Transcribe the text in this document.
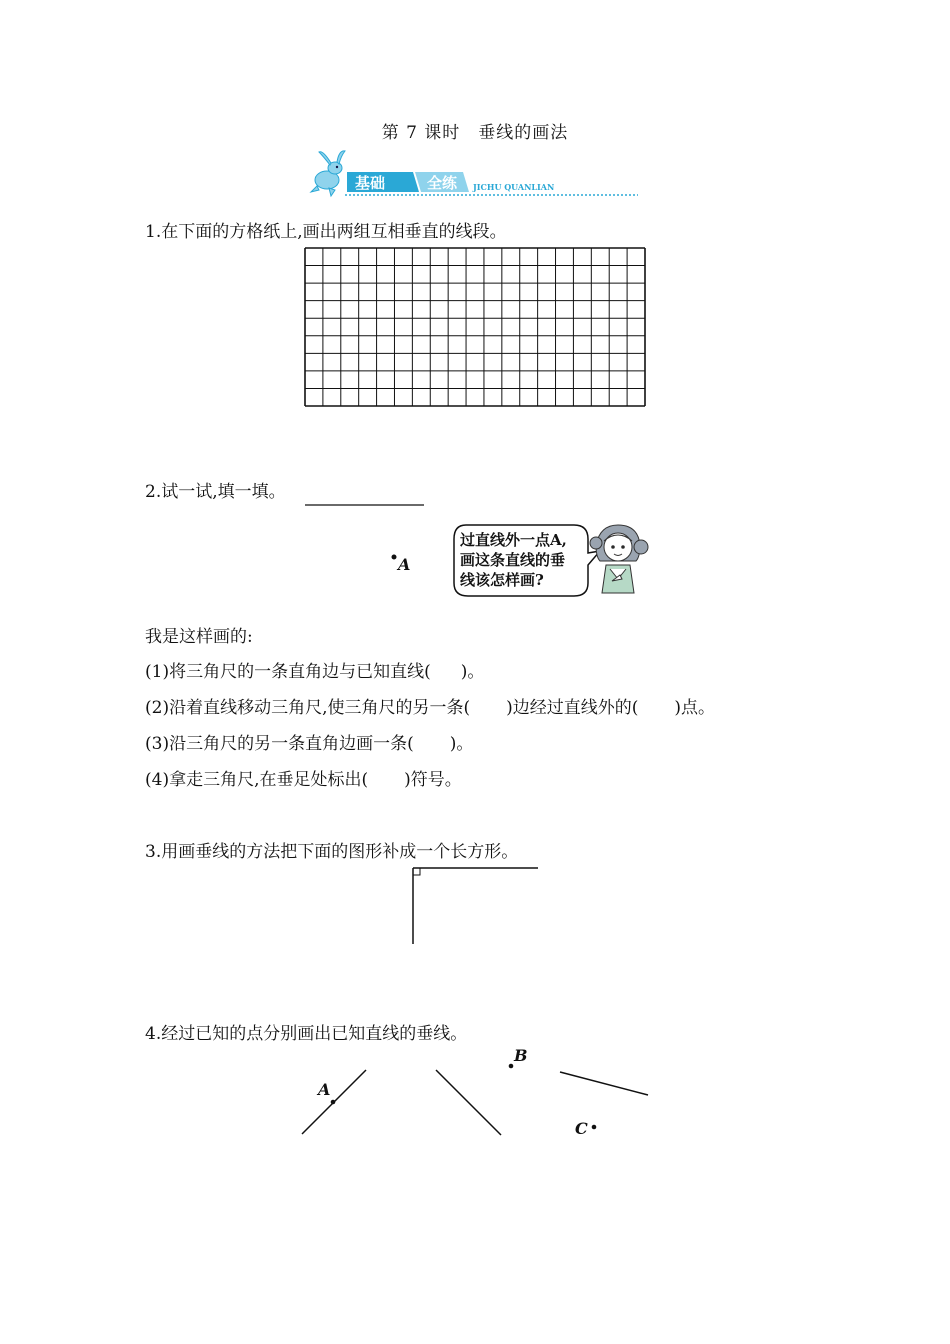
第 7 课时　垂线的画法
基础	全练 JICHU QUANLIAN
1.在下面的方格纸上,画出两组互相垂直的线段。
2.试一试,填一填。
A
过直线外一点A,
画这条直线的垂
线该怎样画?
我是这样画的:
(1)将三角尺的一条直角边与已知直线( )。
(2)沿着直线移动三角尺,使三角尺的另一条( )边经过直线外的( )点。
(3)沿三角尺的另一条直角边画一条( )。
(4)拿走三角尺,在垂足处标出( )符号。
3.用画垂线的方法把下面的图形补成一个长方形。
4.经过已知的点分别画出已知直线的垂线。
A
B
C
